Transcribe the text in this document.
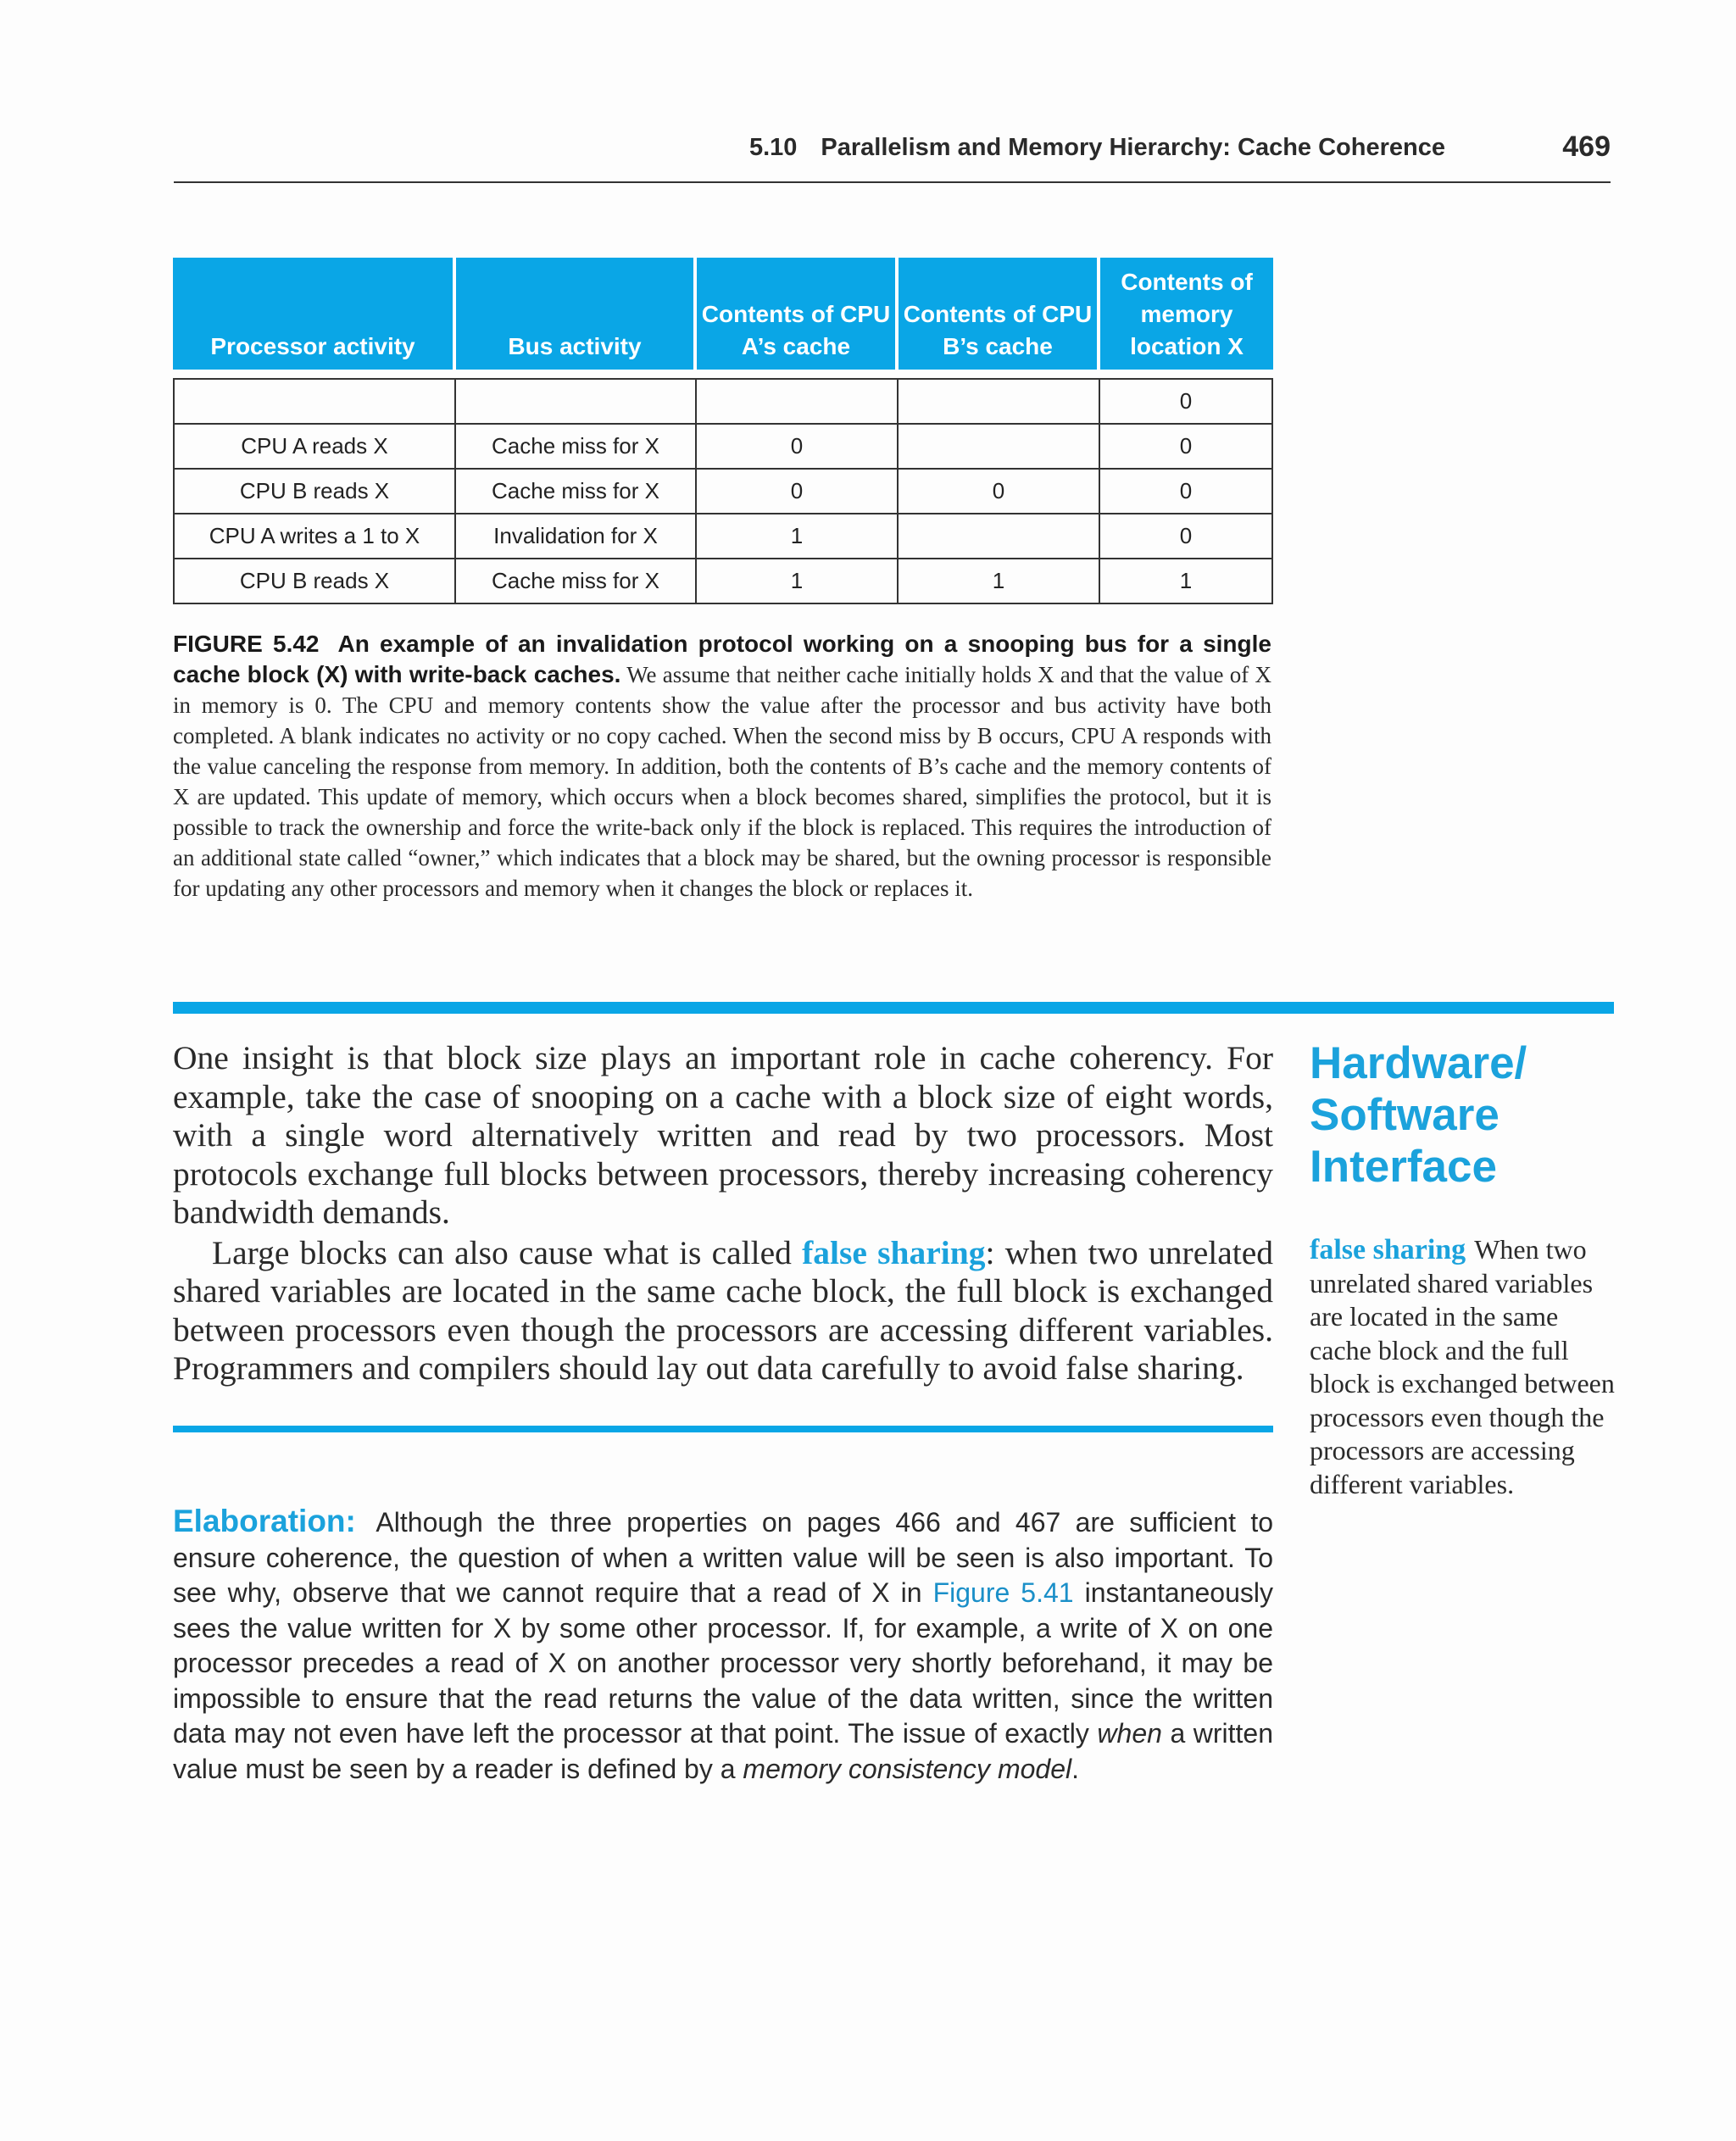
5.10 Parallelism and Memory Hierarchy: Cache Coherence	469
Processor activity	Bus activity	Contents of CPU A’s cache	Contents of CPU B’s cache	Contents of memory location X

				0
CPU A reads X	Cache miss for X	0		0
CPU B reads X	Cache miss for X	0	0	0
CPU A writes a 1 to X	Invalidation for X	1		0
CPU B reads X	Cache miss for X	1	1	1
FIGURE 5.42 An example of an invalidation protocol working on a snooping bus for a single cache block (X) with write-back caches. We assume that neither cache initially holds X and that the value of X in memory is 0. The CPU and memory contents show the value after the processor and bus activity have both completed. A blank indicates no activity or no copy cached. When the second miss by B occurs, CPU A responds with the value canceling the response from memory. In addition, both the contents of B’s cache and the memory contents of X are updated. This update of memory, which occurs when a block becomes shared, simplifies the protocol, but it is possible to track the ownership and force the write-back only if the block is replaced. This requires the introduction of an additional state called “owner,” which indicates that a block may be shared, but the owning processor is responsible for updating any other processors and memory when it changes the block or replaces it.

One insight is that block size plays an important role in cache coherency. For example, take the case of snooping on a cache with a block size of eight words, with a single word alternatively written and read by two processors. Most protocols exchange full blocks between processors, thereby increasing coherency bandwidth demands.

Large blocks can also cause what is called false sharing: when two unrelated shared variables are located in the same cache block, the full block is exchanged between processors even though the processors are accessing different variables. Programmers and compilers should lay out data carefully to avoid false sharing.

Hardware/
Software
Interface
false sharing When two unrelated shared variables are located in the same cache block and the full block is exchanged between processors even though the processors are accessing different variables.
Elaboration: Although the three properties on pages 466 and 467 are sufficient to ensure coherence, the question of when a written value will be seen is also important. To see why, observe that we cannot require that a read of X in Figure 5.41 instantaneously sees the value written for X by some other processor. If, for example, a write of X on one processor precedes a read of X on another processor very shortly beforehand, it may be impossible to ensure that the read returns the value of the data written, since the written data may not even have left the processor at that point. The issue of exactly when a written value must be seen by a reader is defined by a memory consistency model.
